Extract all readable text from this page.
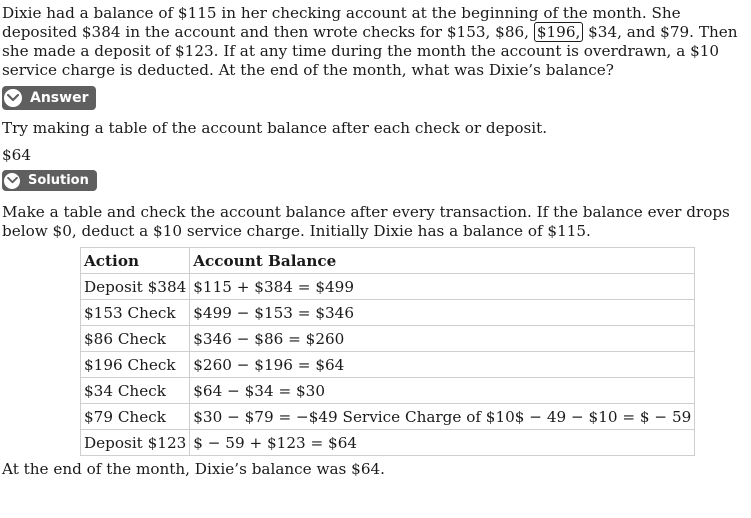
Dixie had a balance of $115 in her checking account at the beginning of the month. She deposited $384 in the account and then wrote checks for $153, $86, $196, $34, and $79. Then she made a deposit of $123. If at any time during the month the account is overdrawn, a $10 service charge is deducted. At the end of the month, what was Dixie’s balance?

Answer

Try making a table of the account balance after each check or deposit.

$64

Solution

Make a table and check the account balance after every transaction. If the balance ever drops below $0, deduct a $10 service charge. Initially Dixie has a balance of $115.

Action	Account Balance
Deposit $384	$115 + $384 = $499
$153 Check	$499 − $153 = $346
$86 Check	$346 − $86 = $260
$196 Check	$260 − $196 = $64
$34 Check	$64 − $34 = $30
$79 Check	$30 − $79 = −$49 Service Charge of $10$ − 49 − $10 = $ − 59
Deposit $123	$ − 59 + $123 = $64

At the end of the month, Dixie’s balance was $64.
